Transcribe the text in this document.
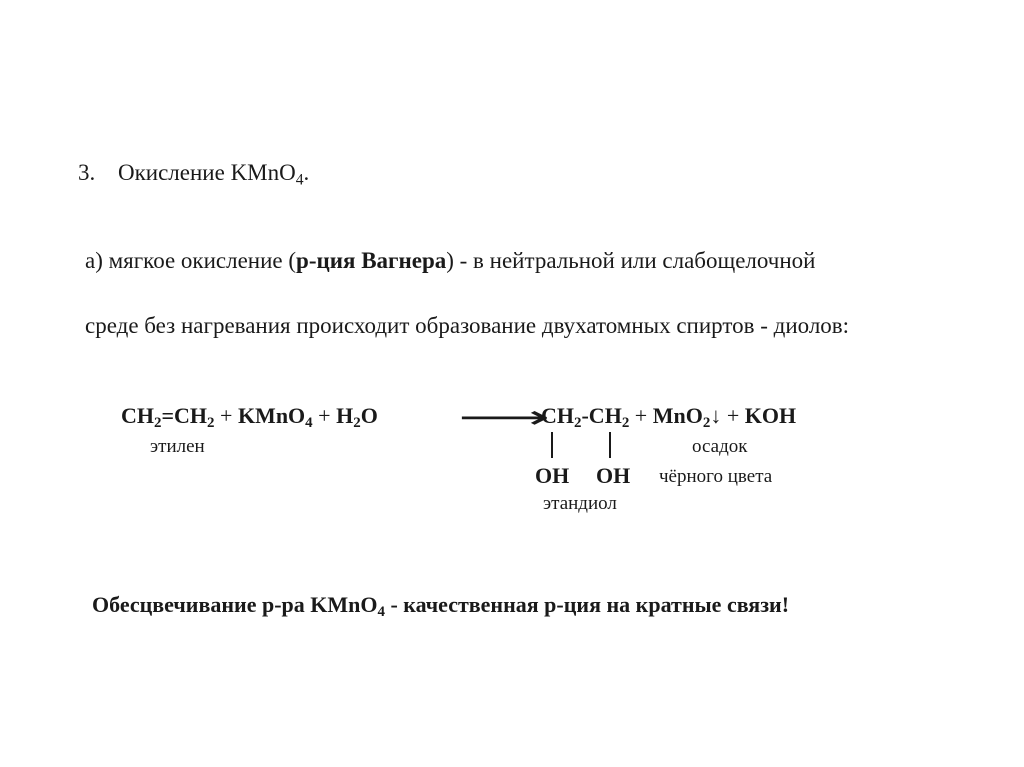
3. Окисление KMnO$_4$.
а) мягкое окисление (р-ция Вагнера) - в нейтральной или слабощелочной
среде без нагревания происходит образование двухатомных спиртов - диолов:
$CH_2=CH_2$ + KMnO$_4$ + $H_2O$	⟶
$CH_2-CH_2$ + MnO$_2$↓ + KOH
этилен	осадок
OH OH чёрного цвета
этандиол
Обесцвечивание р-ра KMnO$_4$ - качественная р-ция на кратные связи!
